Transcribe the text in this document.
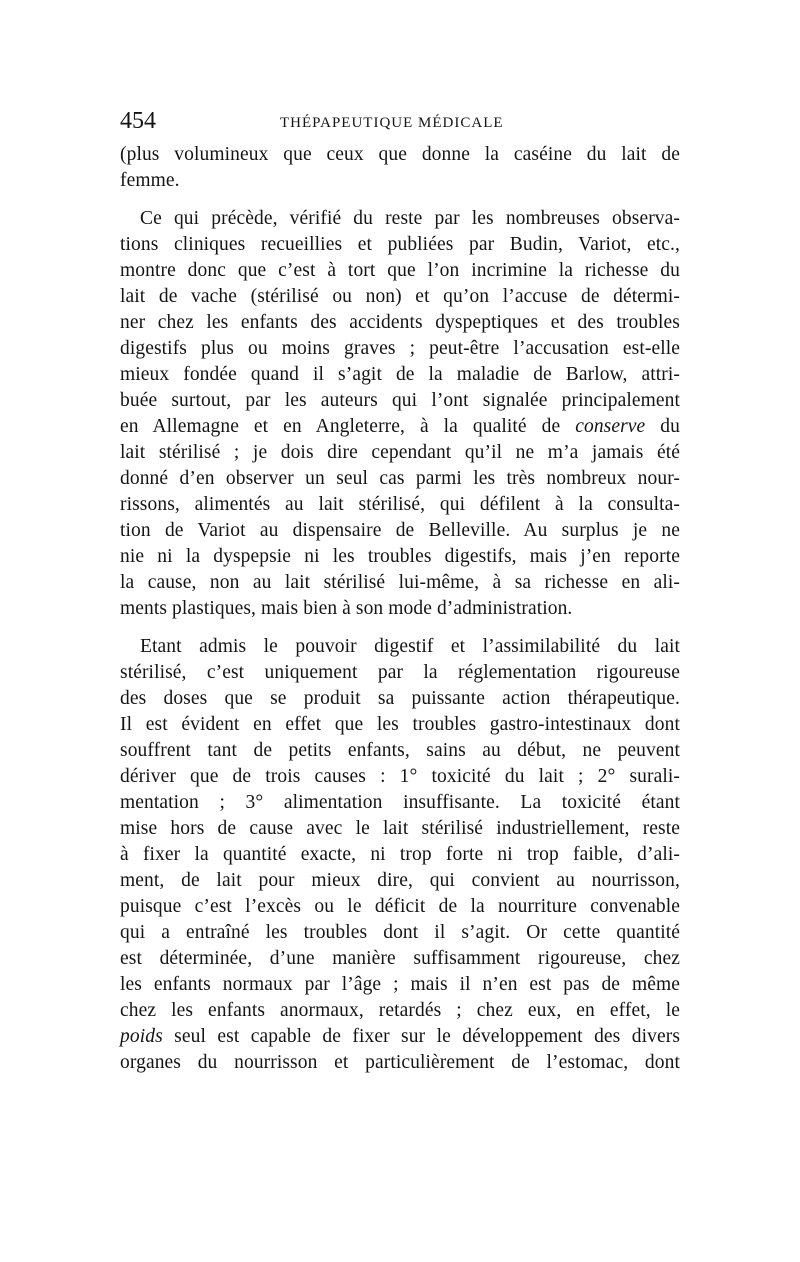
454	THÉPAPEUTIQUE MÉDICALE

(plus volumineux que ceux que donne la caséine du lait de
femme.

Ce qui précède, vérifié du reste par les nombreuses observa-
tions cliniques recueillies et publiées par Budin, Variot, etc.,
montre donc que c’est à tort que l’on incrimine la richesse du
lait de vache (stérilisé ou non) et qu’on l’accuse de détermi-
ner chez les enfants des accidents dyspeptiques et des troubles
digestifs plus ou moins graves ; peut-être l’accusation est-elle
mieux fondée quand il s’agit de la maladie de Barlow, attri-
buée surtout, par les auteurs qui l’ont signalée principalement
en Allemagne et en Angleterre, à la qualité de conserve du
lait stérilisé ; je dois dire cependant qu’il ne m’a jamais été
donné d’en observer un seul cas parmi les très nombreux nour-
rissons, alimentés au lait stérilisé, qui défilent à la consulta-
tion de Variot au dispensaire de Belleville. Au surplus je ne
nie ni la dyspepsie ni les troubles digestifs, mais j’en reporte
la cause, non au lait stérilisé lui-même, à sa richesse en ali-
ments plastiques, mais bien à son mode d’administration.

Etant admis le pouvoir digestif et l’assimilabilité du lait
stérilisé, c’est uniquement par la réglementation rigoureuse
des doses que se produit sa puissante action thérapeutique.
Il est évident en effet que les troubles gastro-intestinaux dont
souffrent tant de petits enfants, sains au début, ne peuvent
dériver que de trois causes : 1° toxicité du lait ; 2° surali-
mentation ; 3° alimentation insuffisante. La toxicité étant
mise hors de cause avec le lait stérilisé industriellement, reste
à fixer la quantité exacte, ni trop forte ni trop faible, d’ali-
ment, de lait pour mieux dire, qui convient au nourrisson,
puisque c’est l’excès ou le déficit de la nourriture convenable
qui a entraîné les troubles dont il s’agit. Or cette quantité
est déterminée, d’une manière suffisamment rigoureuse, chez
les enfants normaux par l’âge ; mais il n’en est pas de même
chez les enfants anormaux, retardés ; chez eux, en effet, le
poids seul est capable de fixer sur le développement des divers
organes du nourrisson et particulièrement de l’estomac, dont
